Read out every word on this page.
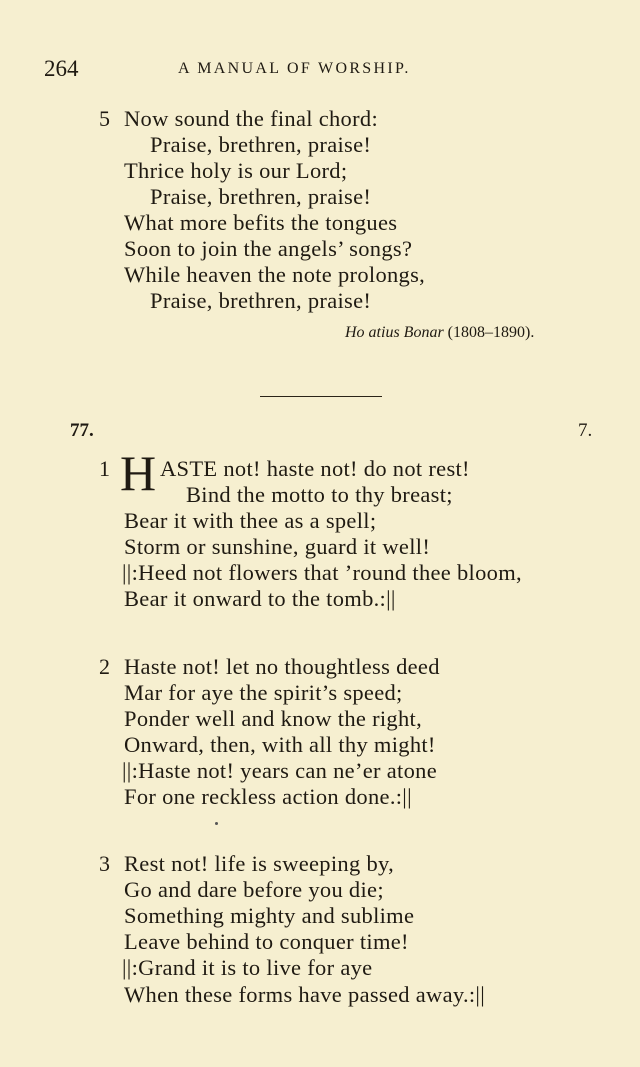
264	A MANUAL OF WORSHIP.
5 Now sound the final chord:
Praise, brethren, praise!
Thrice holy is our Lord;
Praise, brethren, praise!
What more befits the tongues
Soon to join the angels’ songs?
While heaven the note prolongs,
Praise, brethren, praise!
Ho atius Bonar (1808–1890).
77.	7.
1 H ASTE not! haste not! do not rest!
Bind the motto to thy breast;
Bear it with thee as a spell;
Storm or sunshine, guard it well!
||:Heed not flowers that ’round thee bloom,
Bear it onward to the tomb.:||
2 Haste not! let no thoughtless deed
Mar for aye the spirit’s speed;
Ponder well and know the right,
Onward, then, with all thy might!
||:Haste not! years can ne’er atone
For one reckless action done.:||
3 Rest not! life is sweeping by,
Go and dare before you die;
Something mighty and sublime
Leave behind to conquer time!
||:Grand it is to live for aye
When these forms have passed away.:||
